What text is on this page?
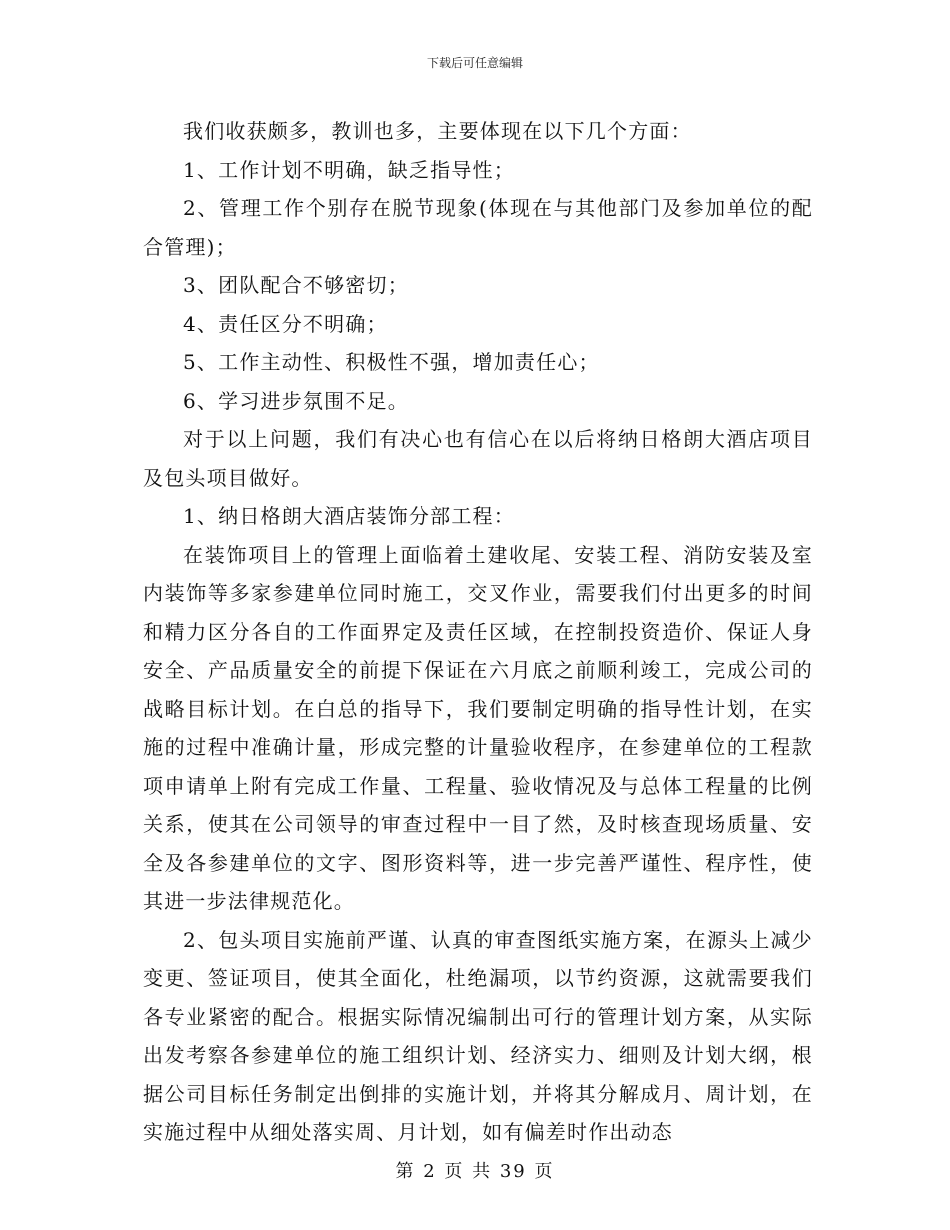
下载后可任意编辑

我们收获颇多，教训也多，主要体现在以下几个方面：

1、工作计划不明确，缺乏指导性；

2、管理工作个别存在脱节现象(体现在与其他部门及参加单位的配合管理)；

3、团队配合不够密切；

4、责任区分不明确；

5、工作主动性、积极性不强，增加责任心；

6、学习进步氛围不足。

对于以上问题，我们有决心也有信心在以后将纳日格朗大酒店项目及包头项目做好。

1、纳日格朗大酒店装饰分部工程：

在装饰项目上的管理上面临着土建收尾、安装工程、消防安装及室内装饰等多家参建单位同时施工，交叉作业，需要我们付出更多的时间和精力区分各自的工作面界定及责任区域，在控制投资造价、保证人身安全、产品质量安全的前提下保证在六月底之前顺利竣工，完成公司的战略目标计划。在白总的指导下，我们要制定明确的指导性计划，在实施的过程中准确计量，形成完整的计量验收程序，在参建单位的工程款项申请单上附有完成工作量、工程量、验收情况及与总体工程量的比例关系，使其在公司领导的审查过程中一目了然，及时核查现场质量、安全及各参建单位的文字、图形资料等，进一步完善严谨性、程序性，使其进一步法律规范化。

2、包头项目实施前严谨、认真的审查图纸实施方案，在源头上减少变更、签证项目，使其全面化，杜绝漏项，以节约资源，这就需要我们各专业紧密的配合。根据实际情况编制出可行的管理计划方案，从实际出发考察各参建单位的施工组织计划、经济实力、细则及计划大纲，根据公司目标任务制定出倒排的实施计划，并将其分解成月、周计划，在实施过程中从细处落实周、月计划，如有偏差时作出动态

第 2 页 共 39 页
